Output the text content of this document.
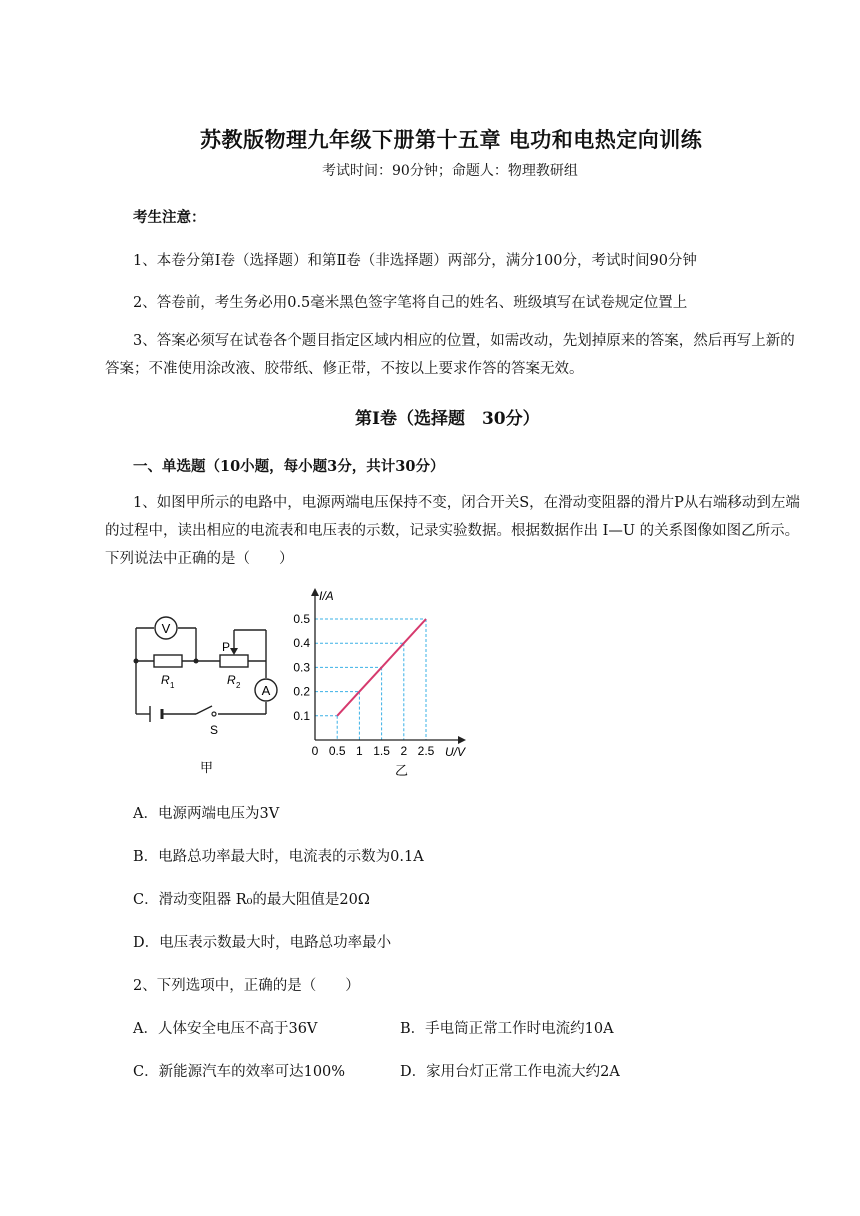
苏教版物理九年级下册第十五章 电功和电热定向训练
考试时间：90分钟；命题人：物理教研组
考生注意：
1、本卷分第Ⅰ卷（选择题）和第Ⅱ卷（非选择题）两部分，满分100分，考试时间90分钟
2、答卷前，考生务必用0.5毫米黑色签字笔将自己的姓名、班级填写在试卷规定位置上
3、答案必须写在试卷各个题目指定区域内相应的位置，如需改动，先划掉原来的答案，然后再写上新的答案；不准使用涂改液、胶带纸、修正带，不按以上要求作答的答案无效。
第Ⅰ卷（选择题　30分）
一、单选题（10小题，每小题3分，共计30分）
1、如图甲所示的电路中，电源两端电压保持不变，闭合开关S，在滑动变阻器的滑片P从右端移动到左端的过程中，读出相应的电流表和电压表的示数，记录实验数据。根据数据作出 I—U 的关系图像如图乙所示。下列说法中正确的是（　　）
V
A
P
R 1	R 2
S
甲
0 0.5 1 1.5 2 2.5
0.1
0.2
0.3
0.4
0.5
I/A
U/V
乙
A．电源两端电压为3V
B．电路总功率最大时，电流表的示数为0.1A
C．滑动变阻器 R₀的最大阻值是20Ω
D．电压表示数最大时，电路总功率最小
2、下列选项中，正确的是（　　）
A．人体安全电压不高于36V	B．手电筒正常工作时电流约10A
C．新能源汽车的效率可达100%	D．家用台灯正常工作电流大约2A
